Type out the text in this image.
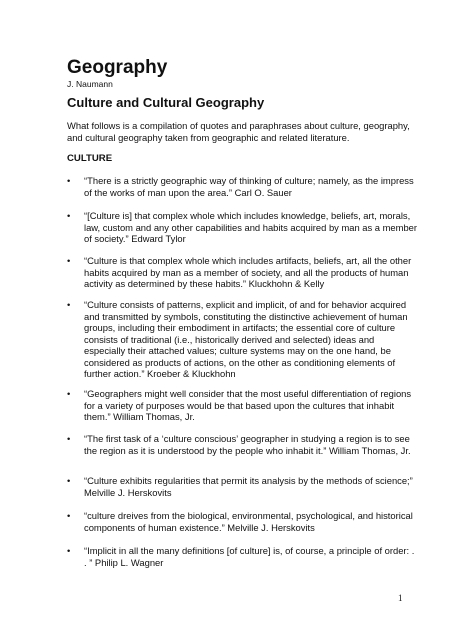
Geography
J. Naumann
Culture and Cultural Geography

What follows is a compilation of quotes and paraphrases about culture, geography, and cultural geography taken from geographic and related literature.

CULTURE
• “There is a strictly geographic way of thinking of culture; namely, as the impress of the works of man upon the area.” Carl O. Sauer
• “[Culture is] that complex whole which includes knowledge, beliefs, art, morals, law, custom and any other capabilities and habits acquired by man as a member of society.” Edward Tylor
• “Culture is that complex whole which includes artifacts, beliefs, art, all the other habits acquired by man as a member of society, and all the products of human activity as determined by these habits.” Kluckhohn & Kelly
• “Culture consists of patterns, explicit and implicit, of and for behavior acquired and transmitted by symbols, constituting the distinctive achievement of human groups, including their embodiment in artifacts; the essential core of culture consists of traditional (i.e., historically derived and selected) ideas and especially their attached values; culture systems may on the one hand, be considered as products of actions, on the other as conditioning elements of further action.” Kroeber & Kluckhohn
• “Geographers might well consider that the most useful differentiation of regions for a variety of purposes would be that based upon the cultures that inhabit them.” William Thomas, Jr.
• “The first task of a ‘culture conscious’ geographer in studying a region is to see the region as it is understood by the people who inhabit it.” William Thomas, Jr.
• “Culture exhibits regularities that permit its analysis by the methods of science;” Melville J. Herskovits
• “culture dreives from the biological, environmental, psychological, and historical components of human existence.” Melville J. Herskovits
• “Implicit in all the many definitions [of culture] is, of course, a principle of order: . . ” Philip L. Wagner
1
